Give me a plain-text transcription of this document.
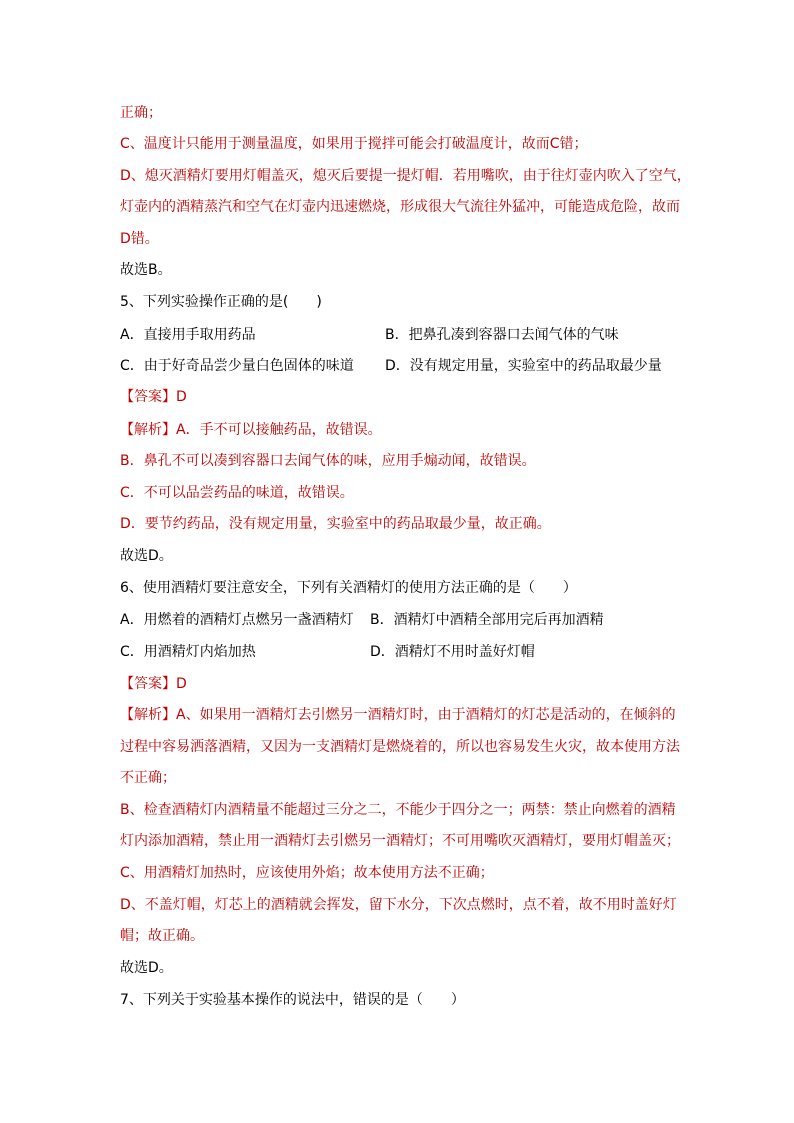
正确；
C、温度计只能用于测量温度，如果用于搅拌可能会打破温度计，故而C错；
D、熄灭酒精灯要用灯帽盖灭，熄灭后要提一提灯帽．若用嘴吹，由于往灯壶内吹入了空气，
灯壶内的酒精蒸汽和空气在灯壶内迅速燃烧，形成很大气流往外猛冲，可能造成危险，故而
D错。
故选B。
5、下列实验操作正确的是(　　)
A．直接用手取用药品	B．把鼻孔凑到容器口去闻气体的气味
C．由于好奇品尝少量白色固体的味道 D．没有规定用量，实验室中的药品取最少量
【答案】D
【解析】A．手不可以接触药品，故错误。
B．鼻孔不可以凑到容器口去闻气体的味，应用手煽动闻，故错误。
C．不可以品尝药品的味道，故错误。
D．要节约药品，没有规定用量，实验室中的药品取最少量，故正确。
故选D。
6、使用酒精灯要注意安全，下列有关酒精灯的使用方法正确的是（　　）
A．用燃着的酒精灯点燃另一盏酒精灯 B．酒精灯中酒精全部用完后再加酒精
C．用酒精灯内焰加热	D．酒精灯不用时盖好灯帽
【答案】D
【解析】A、如果用一酒精灯去引燃另一酒精灯时，由于酒精灯的灯芯是活动的，在倾斜的
过程中容易洒落酒精，又因为一支酒精灯是燃烧着的，所以也容易发生火灾，故本使用方法
不正确；
B、检查酒精灯内酒精量不能超过三分之二，不能少于四分之一；两禁：禁止向燃着的酒精
灯内添加酒精，禁止用一酒精灯去引燃另一酒精灯；不可用嘴吹灭酒精灯，要用灯帽盖灭；
C、用酒精灯加热时，应该使用外焰；故本使用方法不正确；
D、不盖灯帽，灯芯上的酒精就会挥发，留下水分，下次点燃时，点不着，故不用时盖好灯
帽；故正确。
故选D。
7、下列关于实验基本操作的说法中，错误的是（　　）
